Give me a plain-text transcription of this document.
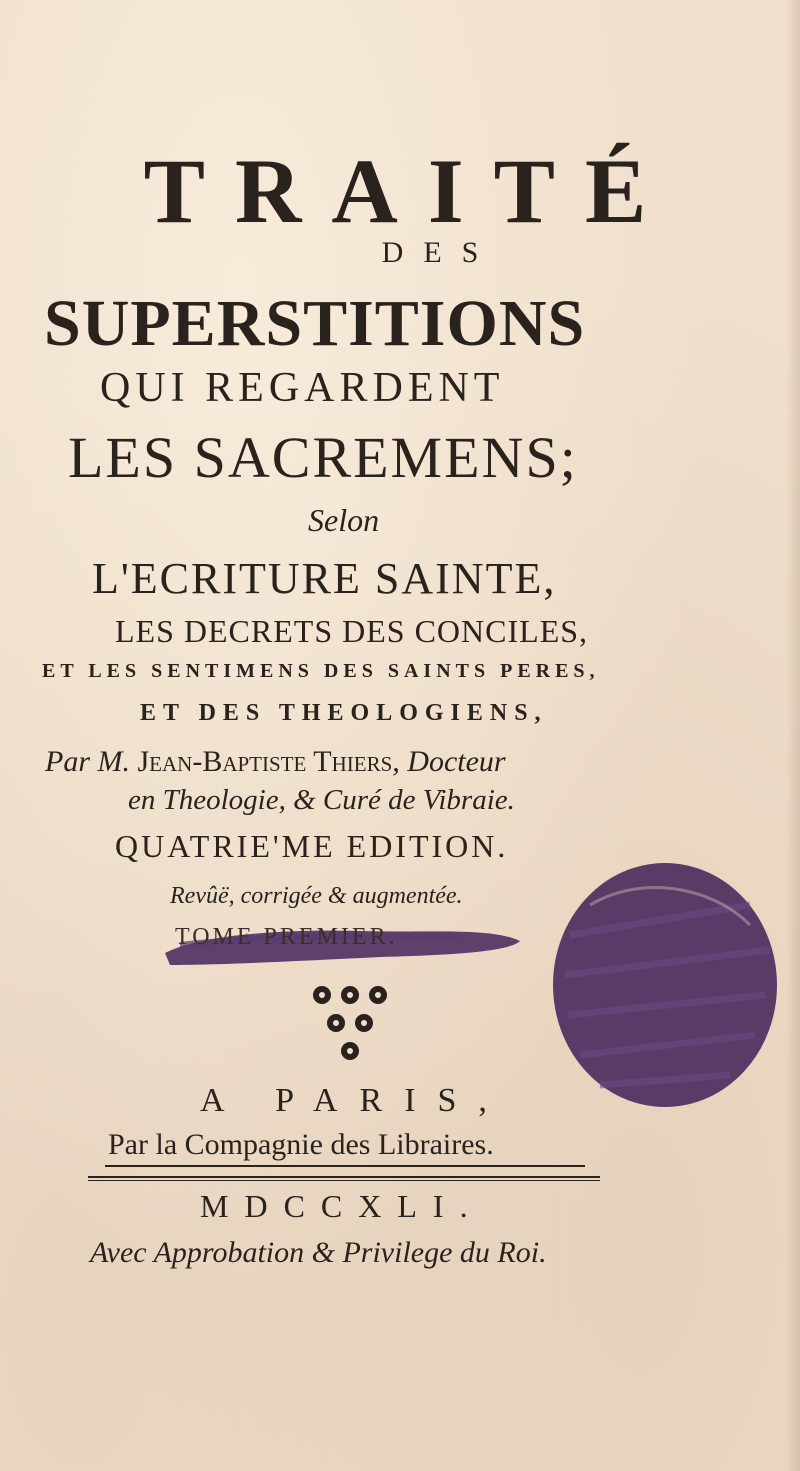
TRAITÉ
DES
SUPERSTITIONS
QUI REGARDENT
LES SACREMENS;
Selon
L'ECRITURE SAINTE,
LES DECRETS DES CONCILES,
ET LES SENTIMENS DES SAINTS PERES,
ET DES THEOLOGIENS,
Par M. Jean-Baptiste Thiers, Docteur
en Theologie, & Curé de Vibraie.
QUATRIE'ME EDITION.
Revûë, corrigée & augmentée.
TOME PREMIER.
A PARIS,
Par la Compagnie des Libraires.
MDCCXLI.
Avec Approbation & Privilege du Roi.
